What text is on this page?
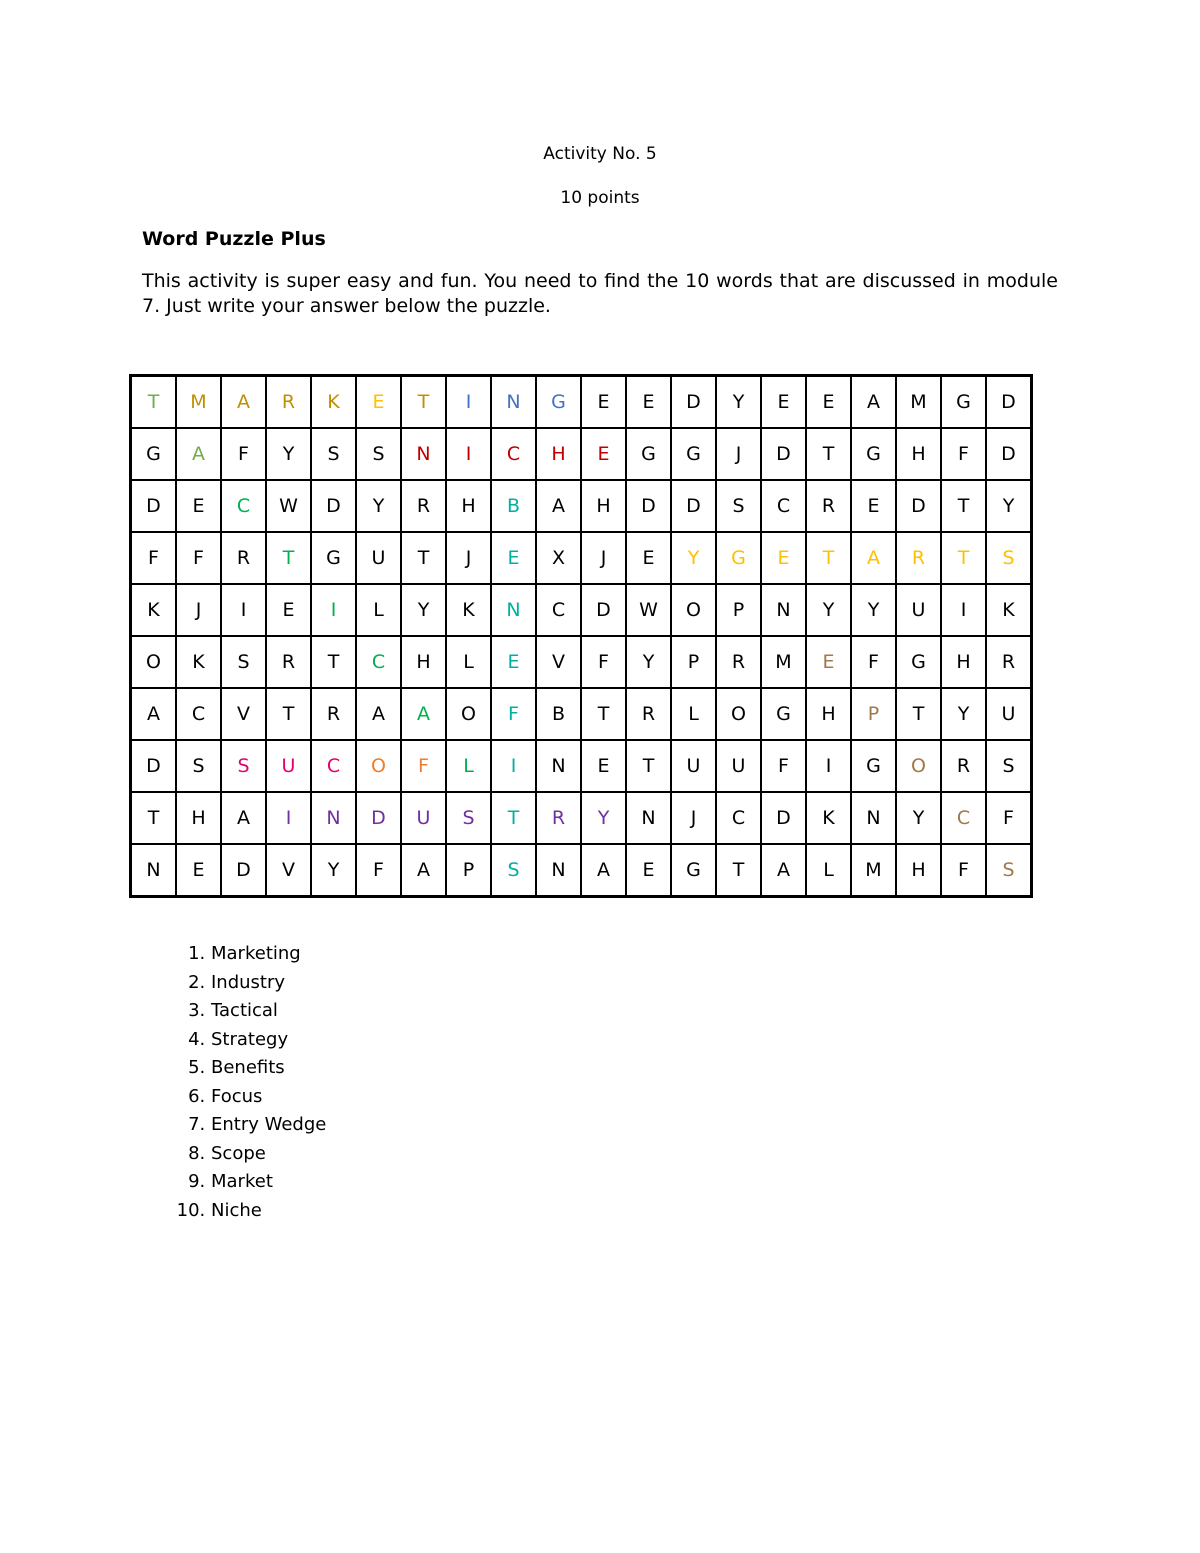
Activity No. 5
10 points
Word Puzzle Plus
This activity is super easy and fun. You need to find the 10 words that are discussed in module 7. Just write your answer below the puzzle.
T	M	A	R	K	E	T	I	N	G	E	E	D	Y	E	E	A	M	G	D
G	A	F	Y	S	S	N	I	C	H	E	G	G	J	D	T	G	H	F	D
D	E	C	W	D	Y	R	H	B	A	H	D	D	S	C	R	E	D	T	Y
F	F	R	T	G	U	T	J	E	X	J	E	Y	G	E	T	A	R	T	S
K	J	I	E	I	L	Y	K	N	C	D	W	O	P	N	Y	Y	U	I	K
O	K	S	R	T	C	H	L	E	V	F	Y	P	R	M	E	F	G	H	R
A	C	V	T	R	A	A	O	F	B	T	R	L	O	G	H	P	T	Y	U
D	S	S	U	C	O	F	L	I	N	E	T	U	U	F	I	G	O	R	S
T	H	A	I	N	D	U	S	T	R	Y	N	J	C	D	K	N	Y	C	F
N	E	D	V	Y	F	A	P	S	N	A	E	G	T	A	L	M	H	F	S
1. Marketing
2. Industry
3. Tactical
4. Strategy
5. Benefits
6. Focus
7. Entry Wedge
8. Scope
9. Market
10. Niche
